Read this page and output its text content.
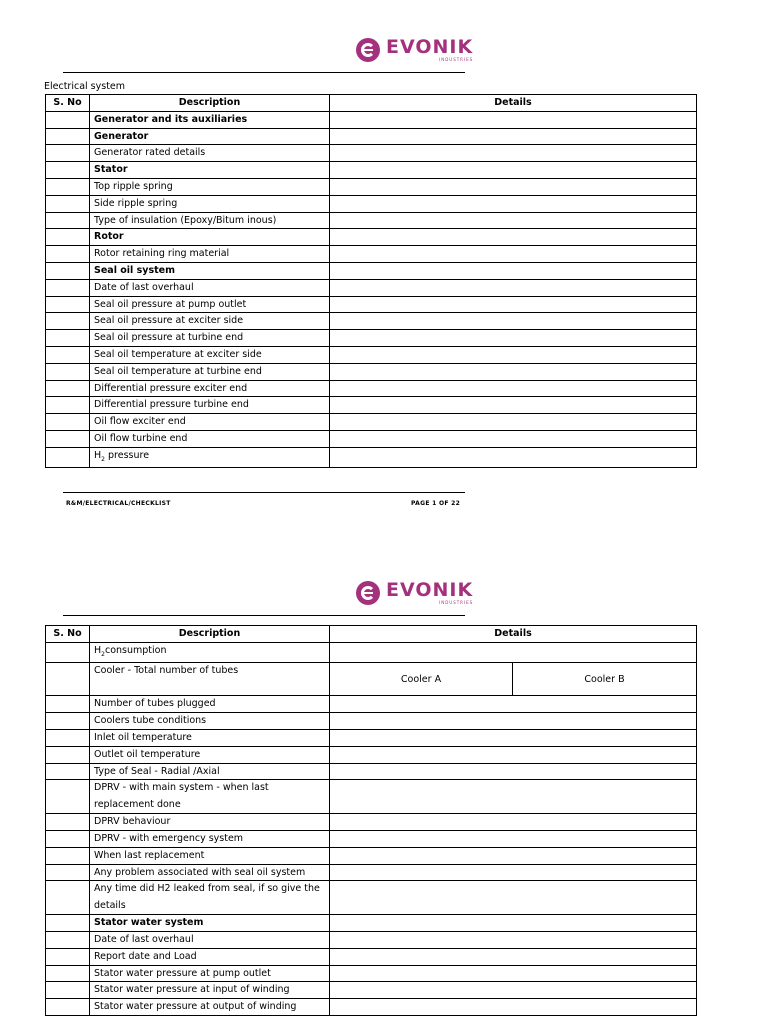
EVONIK
INDUSTRIES
Electrical system
S. No	Description	Details
	Generator and its auxiliaries	
	Generator	
	Generator rated details	
	Stator	
	Top ripple spring	
	Side ripple spring	
	Type of insulation (Epoxy/Bitum inous)	
	Rotor	
	Rotor retaining ring material	
	Seal oil system	
	Date of last overhaul	
	Seal oil pressure at pump outlet	
	Seal oil pressure at exciter side	
	Seal oil pressure at turbine end	
	Seal oil temperature at exciter side	
	Seal oil temperature at turbine end	
	Differential pressure exciter end	
	Differential pressure turbine end	
	Oil flow exciter end	
	Oil flow turbine end	
	$H_2$ pressure	
R&M/ELECTRICAL/CHECKLIST	PAGE 1 OF 22
EVONIK
INDUSTRIES
S. No	Description	Details	
	$H_2consumption$		
	Cooler - Total number of tubes	Cooler A	Cooler B
	Number of tubes plugged		
	Coolers tube conditions		
	Inlet oil temperature		
	Outlet oil temperature		
	Type of Seal - Radial /Axial		
	DPRV - with main system - when last replacement done		
	DPRV behaviour		
	DPRV - with emergency system		
	When last replacement		
	Any problem associated with seal oil system		
	Any time did H2 leaked from seal, if so give the details		
	Stator water system		
	Date of last overhaul		
	Report date and Load		
	Stator water pressure at pump outlet		
	Stator water pressure at input of winding		
	Stator water pressure at output of winding		
